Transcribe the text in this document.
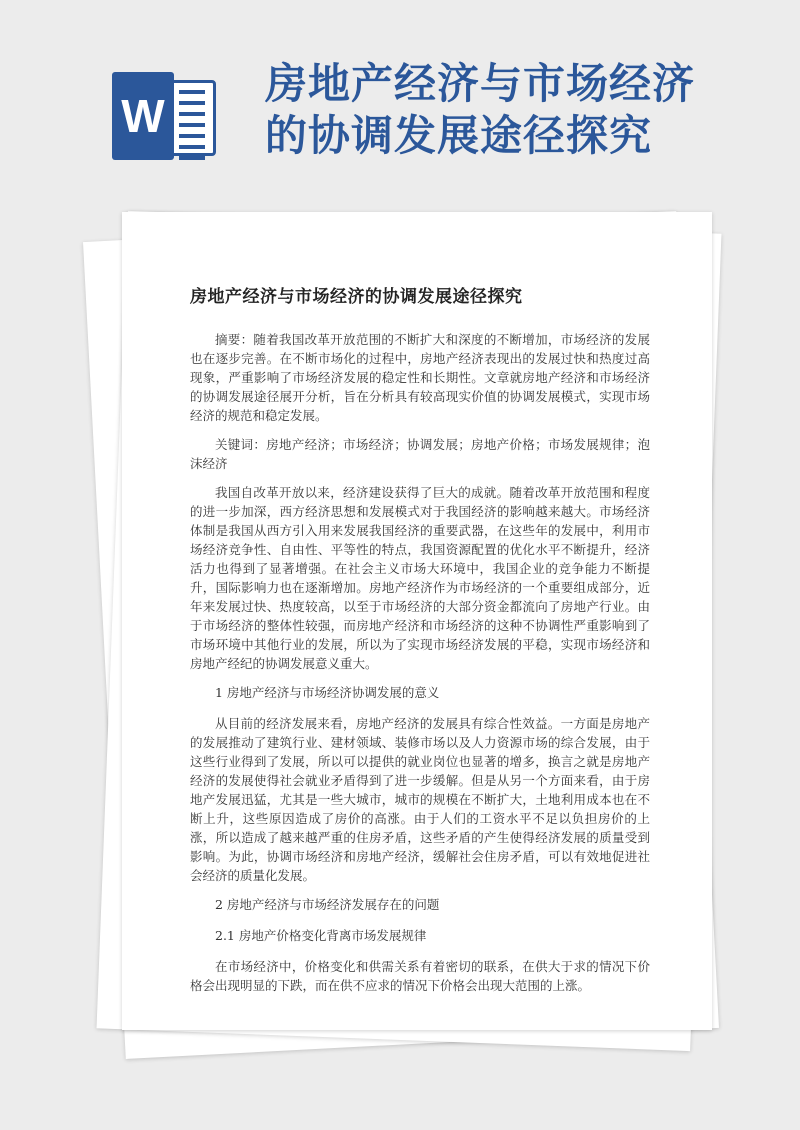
W
房地产经济与市场经济
的协调发展途径探究
房地产经济与市场经济的协调发展途径探究

摘要：随着我国改革开放范围的不断扩大和深度的不断增加，市场经济的发展也在逐步完善。在不断市场化的过程中，房地产经济表现出的发展过快和热度过高现象，严重影响了市场经济发展的稳定性和长期性。文章就房地产经济和市场经济的协调发展途径展开分析，旨在分析具有较高现实价值的协调发展模式，实现市场经济的规范和稳定发展。

关键词：房地产经济；市场经济；协调发展；房地产价格；市场发展规律；泡沫经济

我国自改革开放以来，经济建设获得了巨大的成就。随着改革开放范围和程度的进一步加深，西方经济思想和发展模式对于我国经济的影响越来越大。市场经济体制是我国从西方引入用来发展我国经济的重要武器，在这些年的发展中，利用市场经济竞争性、自由性、平等性的特点，我国资源配置的优化水平不断提升，经济活力也得到了显著增强。在社会主义市场大环境中，我国企业的竞争能力不断提升，国际影响力也在逐渐增加。房地产经济作为市场经济的一个重要组成部分，近年来发展过快、热度较高，以至于市场经济的大部分资金都流向了房地产行业。由于市场经济的整体性较强，而房地产经济和市场经济的这种不协调性严重影响到了市场环境中其他行业的发展，所以为了实现市场经济发展的平稳，实现市场经济和房地产经纪的协调发展意义重大。

1 房地产经济与市场经济协调发展的意义

从目前的经济发展来看，房地产经济的发展具有综合性效益。一方面是房地产的发展推动了建筑行业、建材领域、装修市场以及人力资源市场的综合发展，由于这些行业得到了发展，所以可以提供的就业岗位也显著的增多，换言之就是房地产经济的发展使得社会就业矛盾得到了进一步缓解。但是从另一个方面来看，由于房地产发展迅猛，尤其是一些大城市，城市的规模在不断扩大，土地利用成本也在不断上升，这些原因造成了房价的高涨。由于人们的工资水平不足以负担房价的上涨，所以造成了越来越严重的住房矛盾，这些矛盾的产生使得经济发展的质量受到影响。为此，协调市场经济和房地产经济，缓解社会住房矛盾，可以有效地促进社会经济的质量化发展。

2 房地产经济与市场经济发展存在的问题
2.1 房地产价格变化背离市场发展规律

在市场经济中，价格变化和供需关系有着密切的联系，在供大于求的情况下价格会出现明显的下跌，而在供不应求的情况下价格会出现大范围的上涨。
